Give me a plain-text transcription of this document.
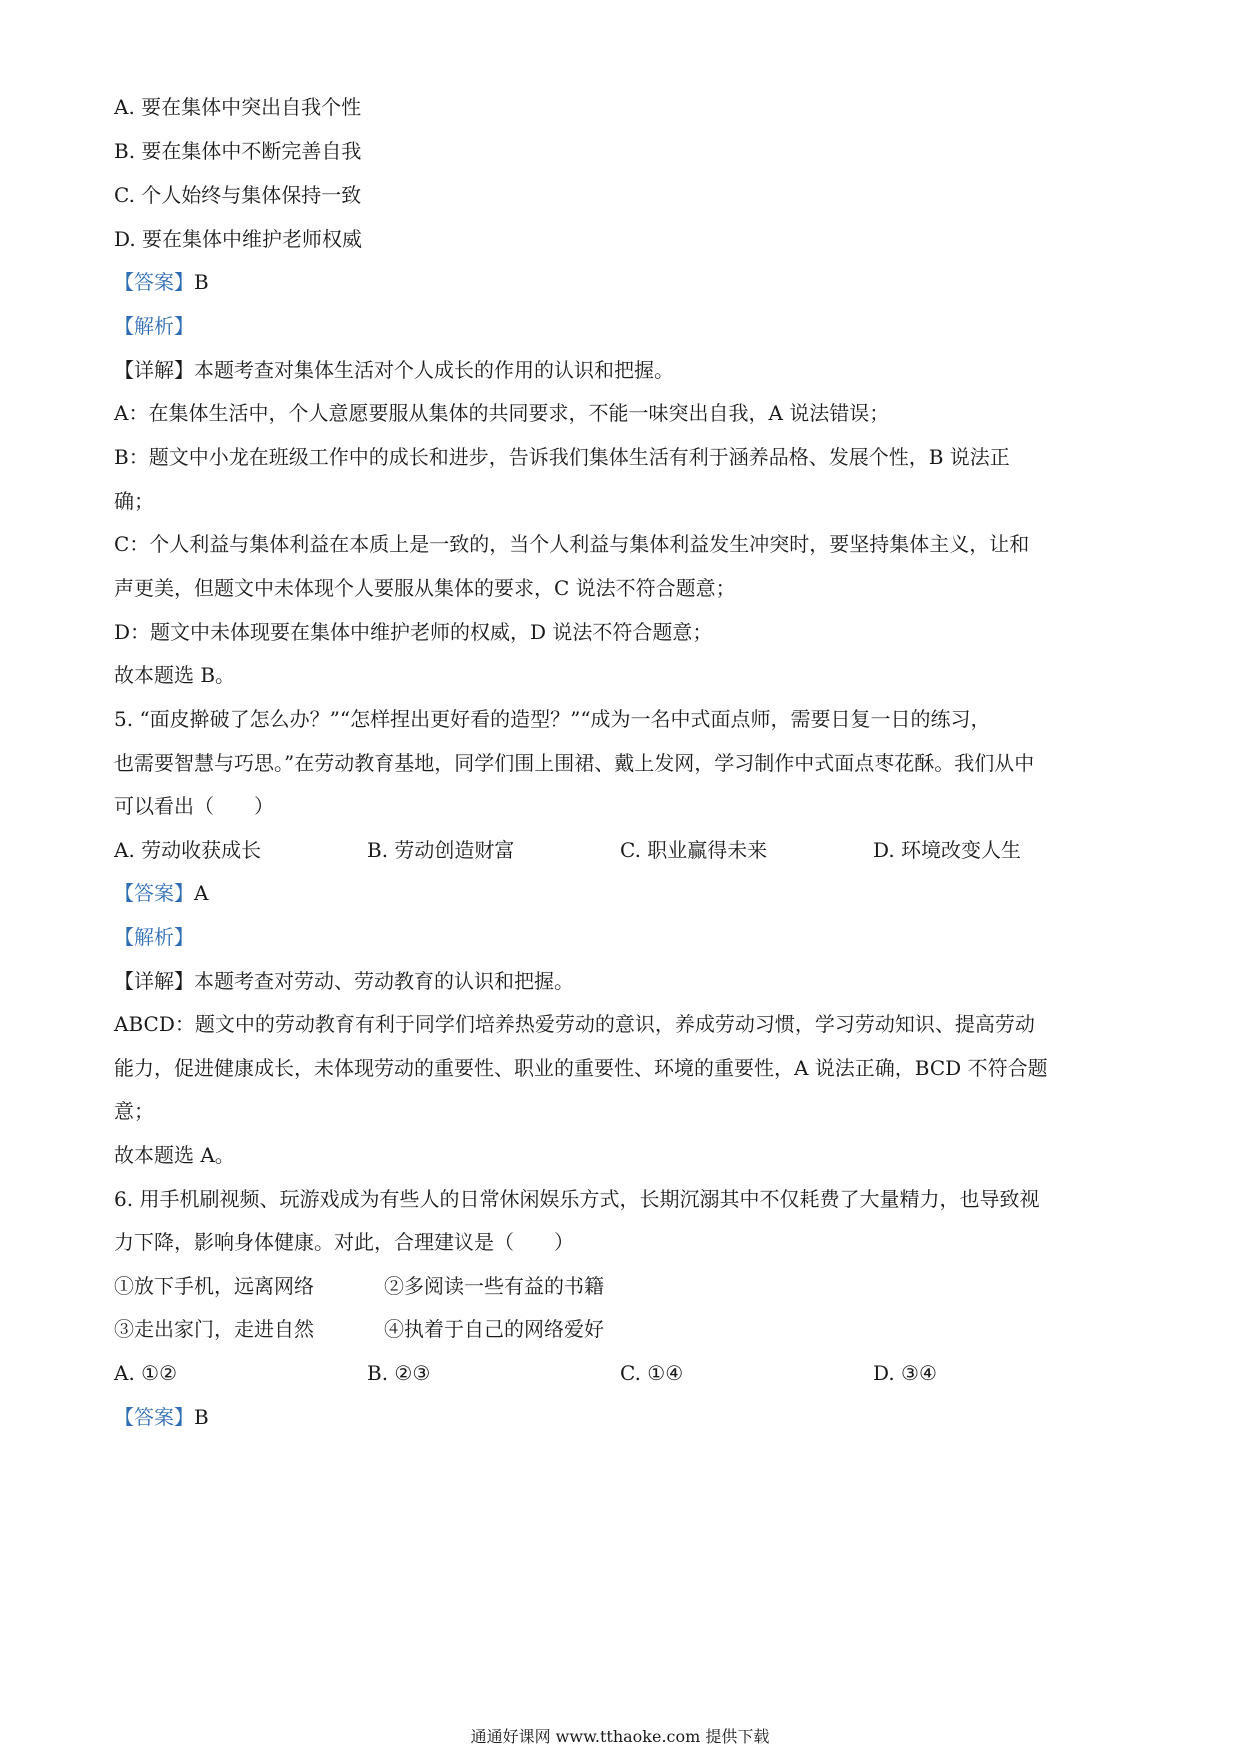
A. 要在集体中突出自我个性
B. 要在集体中不断完善自我
C. 个人始终与集体保持一致
D. 要在集体中维护老师权威
【答案】B
【解析】
【详解】本题考查对集体生活对个人成长的作用的认识和把握。
A：在集体生活中，个人意愿要服从集体的共同要求，不能一味突出自我，A 说法错误；
B：题文中小龙在班级工作中的成长和进步，告诉我们集体生活有利于涵养品格、发展个性，B 说法正
确；
C：个人利益与集体利益在本质上是一致的，当个人利益与集体利益发生冲突时，要坚持集体主义，让和
声更美，但题文中未体现个人要服从集体的要求，C 说法不符合题意；
D：题文中未体现要在集体中维护老师的权威，D 说法不符合题意；
故本题选 B。
5. “面皮擀破了怎么办？”“怎样捏出更好看的造型？”“成为一名中式面点师，需要日复一日的练习，
也需要智慧与巧思。”在劳动教育基地，同学们围上围裙、戴上发网，学习制作中式面点枣花酥。我们从中
可以看出（　　）
A. 劳动收获成长	B. 劳动创造财富	C. 职业赢得未来	D. 环境改变人生
【答案】A
【解析】
【详解】本题考查对劳动、劳动教育的认识和把握。
ABCD：题文中的劳动教育有利于同学们培养热爱劳动的意识，养成劳动习惯，学习劳动知识、提高劳动
能力，促进健康成长，未体现劳动的重要性、职业的重要性、环境的重要性，A 说法正确，BCD 不符合题
意；
故本题选 A。
6. 用手机刷视频、玩游戏成为有些人的日常休闲娱乐方式，长期沉溺其中不仅耗费了大量精力，也导致视
力下降，影响身体健康。对此，合理建议是（　　）
①放下手机，远离网络	②多阅读一些有益的书籍
③走出家门，走进自然	④执着于自己的网络爱好
A. ①②	B. ②③	C. ①④	D. ③④
【答案】B
通通好课网 www.tthaoke.com 提供下载
